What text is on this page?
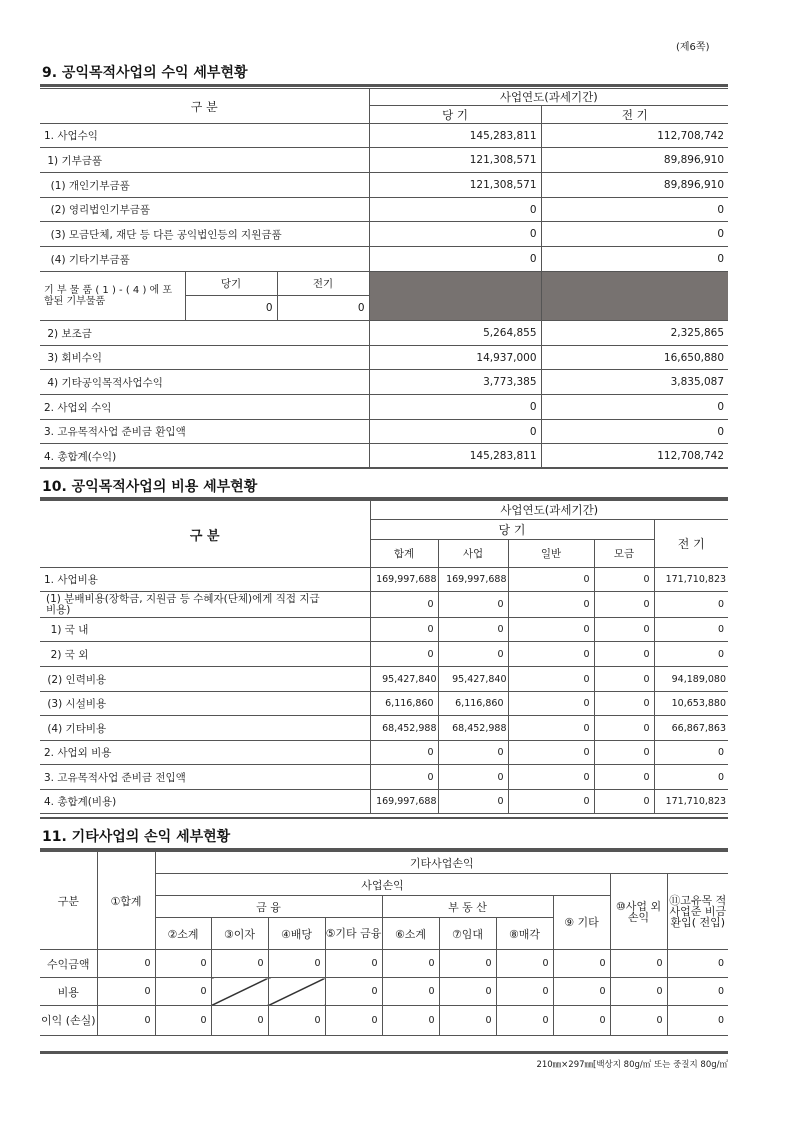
(제6쪽)
9. 공익목적사업의 수익 세부현황
구 분			사업연도(과세기간)	
			당 기	전 기
1. 사업수익			145,283,811	112,708,742
1) 기부금품			121,308,571	89,896,910
(1) 개인기부금품			121,308,571	89,896,910
(2) 영리법인기부금품			0	0
(3) 모금단체, 재단 등 다른 공익법인등의 지원금품			0	0
(4) 기타기부금품			0	0
기 부 물 품 ( 1 ) - ( 4 ) 에 포함된 기부물품	당기	전기		
	0	0		
2) 보조금			5,264,855	2,325,865
3) 회비수익			14,937,000	16,650,880
4) 기타공익목적사업수익			3,773,385	3,835,087
2. 사업외 수익			0	0
3. 고유목적사업 준비금 환입액			0	0
4. 총합계(수익)			145,283,811	112,708,742
10. 공익목적사업의 비용 세부현황
구 분	사업연도(과세기간)				
	당 기				전 기
	합계	사업	일반	모금	
1. 사업비용	169,997,688	169,997,688	0	0	171,710,823
(1) 분배비용(장학금, 지원금 등 수혜자(단체)에게 직접 지급비용)	0	0	0	0	0
1) 국 내	0	0	0	0	0
2) 국 외	0	0	0	0	0
(2) 인력비용	95,427,840	95,427,840	0	0	94,189,080
(3) 시설비용	6,116,860	6,116,860	0	0	10,653,880
(4) 기타비용	68,452,988	68,452,988	0	0	66,867,863
2. 사업외 비용	0	0	0	0	0
3. 고유목적사업 준비금 전입액	0	0	0	0	0
4. 총합계(비용)	169,997,688	0	0	0	171,710,823
11. 기타사업의 손익 세부현황
구분	①합계	기타사업손익									
		사업손익								⑩사업 외손익	⑪고유목 적사업준 비금환입( 전입)
		금 융				부 동 산			⑨ 기타		
		②소계	③이자	④배당	⑤기타 금융	⑥소계	⑦임대	⑧매각			
수익금액	0	0	0	0	0	0	0	0	0	0	0
비용	0	0			0	0	0	0	0	0	0
이익 (손실)	0	0	0	0	0	0	0	0	0	0	0
210㎜×297㎜[백상지 80g/㎡ 또는 중질지 80g/㎡
